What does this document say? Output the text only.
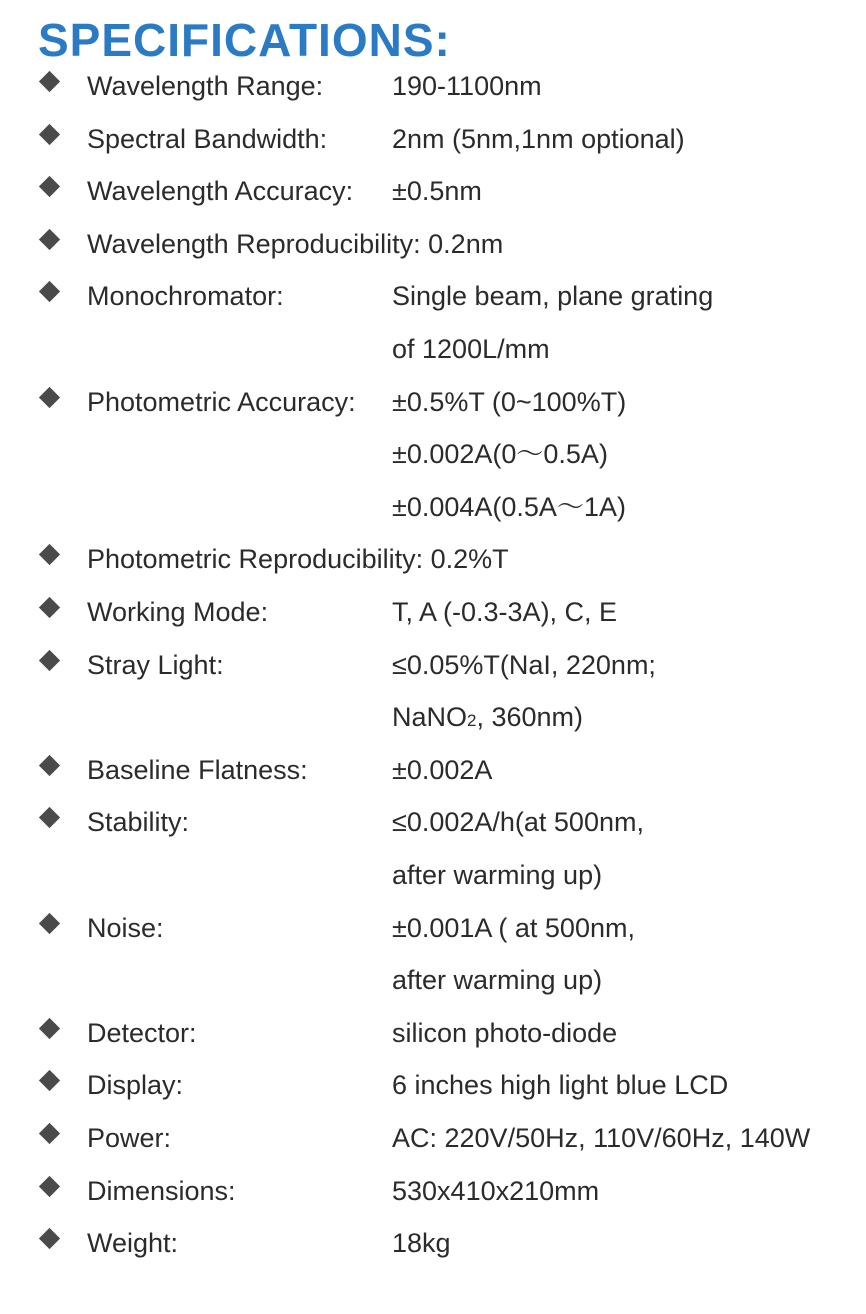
SPECIFICATIONS:
Wavelength Range:	190-1100nm
Spectral Bandwidth: 2nm (5nm,1nm optional)
Wavelength Accuracy: ±0.5nm
Wavelength Reproducibility: 0.2nm
Monochromator:	Single beam, plane grating
of 1200L/mm
Photometric Accuracy: ±0.5%T (0~100%T)
±0.002A(0～0.5A)
±0.004A(0.5A～1A)
Photometric Reproducibility: 0.2%T
Working Mode:	T, A (-0.3-3A), C, E
Stray Light:	≤0.05%T(NaI, 220nm;
NaNO2, 360nm)
Baseline Flatness:	±0.002A
Stability:	≤0.002A/h(at 500nm,
after warming up)
Noise:	±0.001A ( at 500nm,
after warming up)
Detector:	silicon photo-diode
Display:	6 inches high light blue LCD
Power:	AC: 220V/50Hz, 110V/60Hz, 140W
Dimensions:	530x410x210mm
Weight:	18kg
